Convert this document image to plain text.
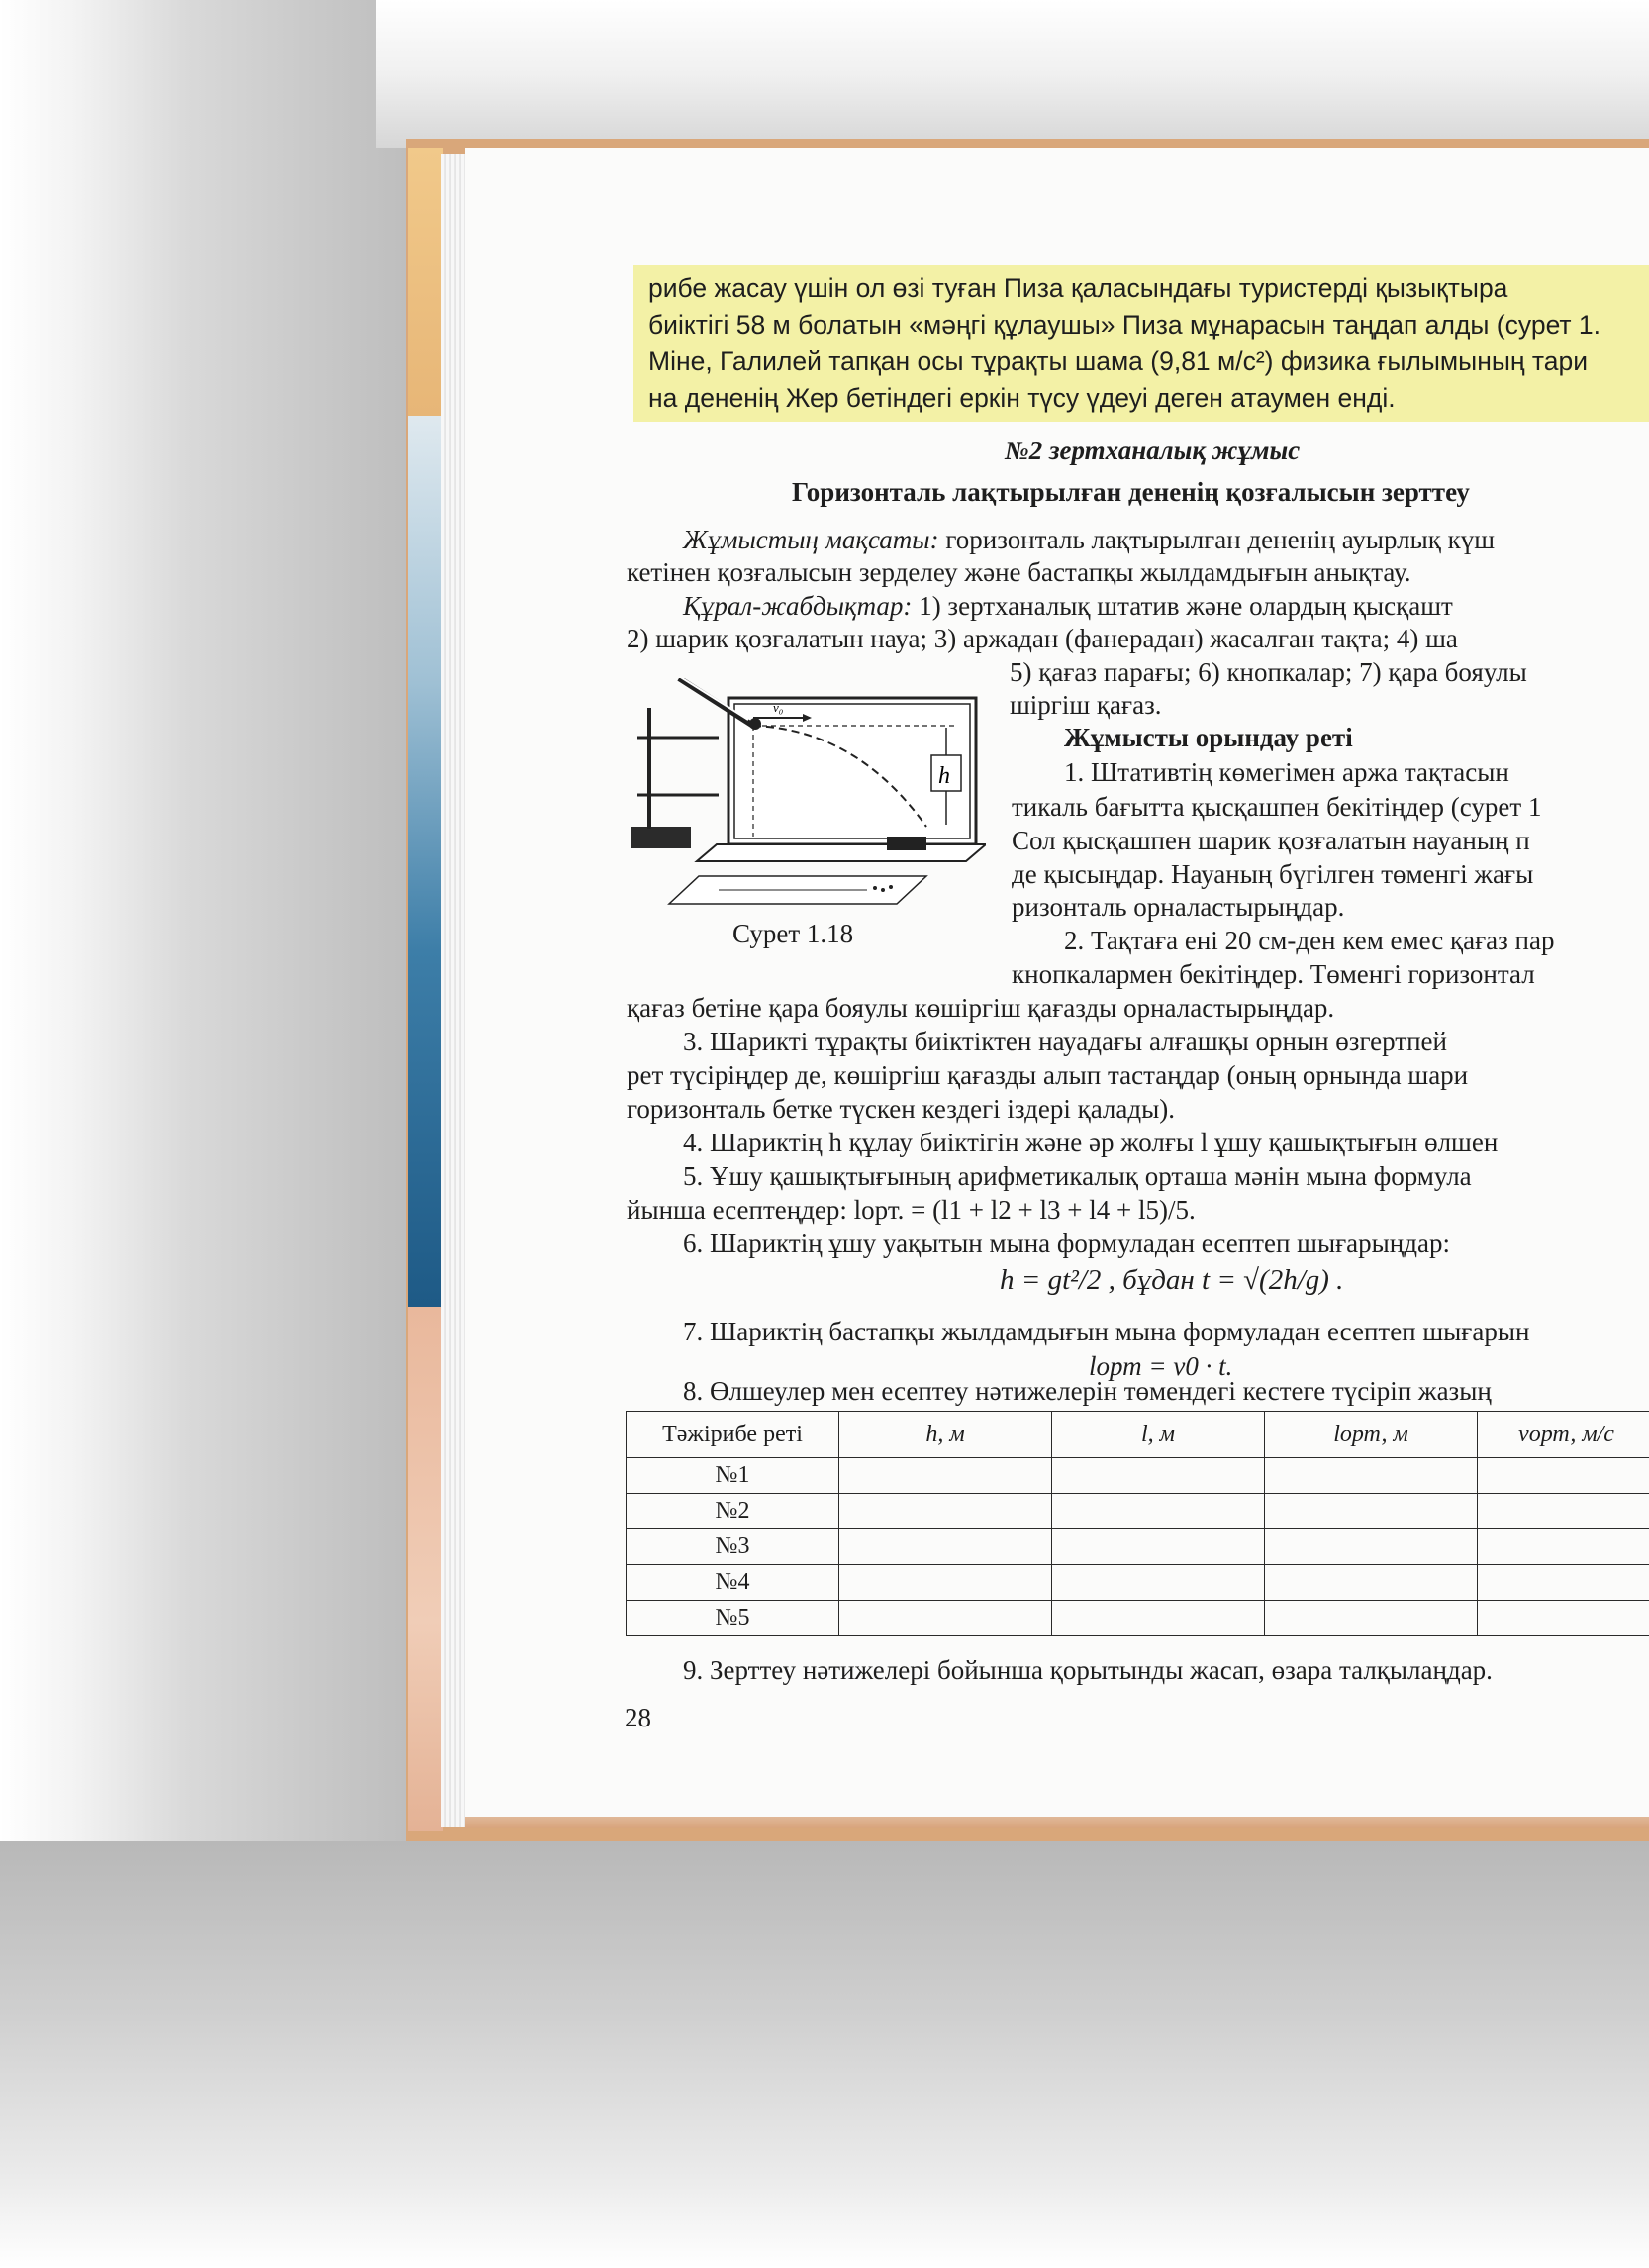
рибе жасау үшін ол өзі туған Пиза қаласындағы туристерді қызықтыра
биіктігі 58 м болатын «мәңгі құлаушы» Пиза мұнарасын таңдап алды (сурет 1.
Міне, Галилей тапқан осы тұрақты шама (9,81 м/с²) физика ғылымының тари
на дененің Жер бетіндегі еркін түсу үдеуі деген атаумен енді.
№2 зертханалық жұмыс
Горизонталь лақтырылған дененің қозғалысын зерттеу
Жұмыстың мақсаты: горизонталь лақтырылған дененің ауырлық күш
кетінен қозғалысын зерделеу және бастапқы жылдамдығын анықтау.
Құрал-жабдықтар: 1) зертханалық штатив және олардың қысқашт
2) шарик қозғалатын науа; 3) аржадан (фанерадан) жасалған тақта; 4) ша
5) қағаз парағы; 6) кнопкалар; 7) қара бояулы
шіргіш қағаз.
v₀
h
Сурет 1.18
Жұмысты орындау реті
1. Штативтің көмегімен аржа тақтасын
тикаль бағытта қысқашпен бекітіңдер (сурет 1
Сол қысқашпен шарик қозғалатын науаның п
де қысыңдар. Науаның бүгілген төменгі жағы
ризонталь орналастырыңдар.
2. Тақтаға ені 20 см-ден кем емес қағаз пар
кнопкалармен бекітіңдер. Төменгі горизонтал
қағаз бетіне қара бояулы көшіргіш қағазды орналастырыңдар.
3. Шарикті тұрақты биіктіктен науадағы алғашқы орнын өзгертпей
рет түсіріңдер де, көшіргіш қағазды алып тастаңдар (оның орнында шари
горизонталь бетке түскен кездегі іздері қалады).
4. Шариктің h құлау биіктігін және әр жолғы l ұшу қашықтығын өлшен
5. Ұшу қашықтығының арифметикалық орташа мәнін мына формула
йынша есептеңдер: lорт. = (l1 + l2 + l3 + l4 + l5)/5.
6. Шариктің ұшу уақытын мына формуладан есептеп шығарыңдар:
h = gt²/2 , бұдан t = √(2h/g) .
7. Шариктің бастапқы жылдамдығын мына формуладан есептеп шығарын
lорт = v0 · t.
8. Өлшеулер мен есептеу нәтижелерін төмендегі кестеге түсіріп жазың
Тәжірибе реті	h, м	l, м	lорт, м	vорт, м/с
№1				
№2				
№3				
№4				
№5				
9. Зерттеу нәтижелері бойынша қорытынды жасап, өзара талқылаңдар.
28
